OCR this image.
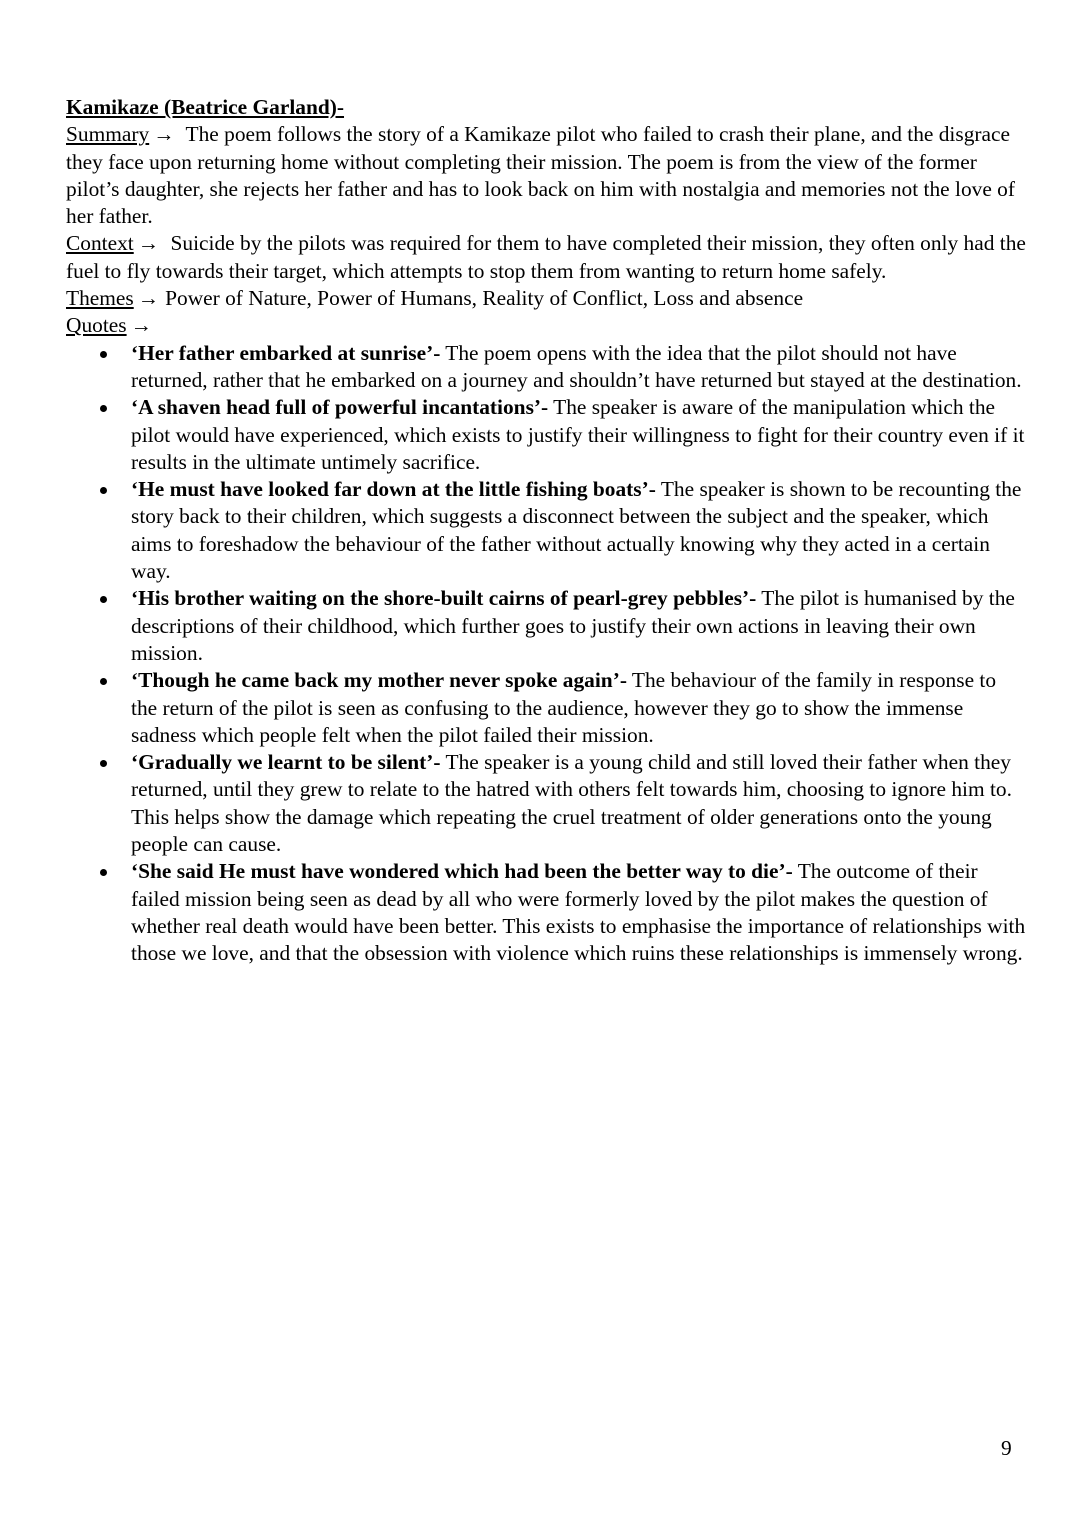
Kamikaze (Beatrice Garland)-

Summary → The poem follows the story of a Kamikaze pilot who failed to crash their plane, and the disgrace they face upon returning home without completing their mission. The poem is from the view of the former pilot’s daughter, she rejects her father and has to look back on him with nostalgia and memories not the love of her father.

Context → Suicide by the pilots was required for them to have completed their mission, they often only had the fuel to fly towards their target, which attempts to stop them from wanting to return home safely.

Themes → Power of Nature, Power of Humans, Reality of Conflict, Loss and absence

Quotes →

‘Her father embarked at sunrise’- The poem opens with the idea that the pilot should not have returned, rather that he embarked on a journey and shouldn’t have returned but stayed at the destination.
‘A shaven head full of powerful incantations’- The speaker is aware of the manipulation which the pilot would have experienced, which exists to justify their willingness to fight for their country even if it results in the ultimate untimely sacrifice.
‘He must have looked far down at the little fishing boats’- The speaker is shown to be recounting the story back to their children, which suggests a disconnect between the subject and the speaker, which aims to foreshadow the behaviour of the father without actually knowing why they acted in a certain way.
‘His brother waiting on the shore-built cairns of pearl-grey pebbles’- The pilot is humanised by the descriptions of their childhood, which further goes to justify their own actions in leaving their own mission.
‘Though he came back my mother never spoke again’- The behaviour of the family in response to the return of the pilot is seen as confusing to the audience, however they go to show the immense sadness which people felt when the pilot failed their mission.
‘Gradually we learnt to be silent’- The speaker is a young child and still loved their father when they returned, until they grew to relate to the hatred with others felt towards him, choosing to ignore him to. This helps show the damage which repeating the cruel treatment of older generations onto the young people can cause.
‘She said He must have wondered which had been the better way to die’- The outcome of their failed mission being seen as dead by all who were formerly loved by the pilot makes the question of whether real death would have been better. This exists to emphasise the importance of relationships with those we love, and that the obsession with violence which ruins these relationships is immensely wrong.
9
